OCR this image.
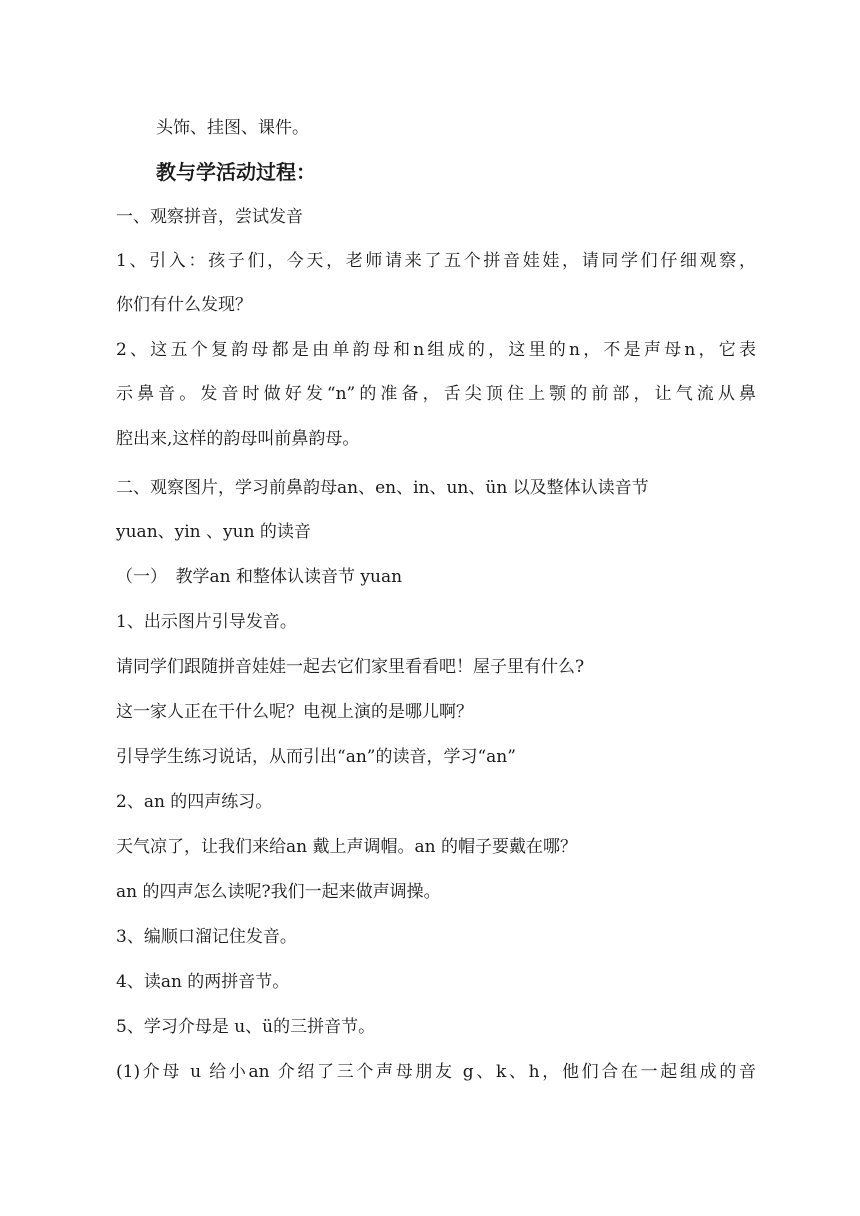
头饰、挂图、课件。
教与学活动过程：
一、观察拼音，尝试发音
1、引入：孩子们，今天，老师请来了五个拼音娃娃，请同学们仔细观察，
你们有什么发现？
2、这五个复韵母都是由单韵母和n组成的，这里的n，不是声母n，它表
示鼻音。发音时做好发“n”的准备，舌尖顶住上颚的前部，让气流从鼻
腔出来,这样的韵母叫前鼻韵母。
二、观察图片，学习前鼻韵母an、en、in、un、ün 以及整体认读音节
yuan、yin 、yun 的读音
（一）　教学an 和整体认读音节 yuan
1、出示图片引导发音。
请同学们跟随拼音娃娃一起去它们家里看看吧！屋子里有什么?
这一家人正在干什么呢？电视上演的是哪儿啊？
引导学生练习说话，从而引出“an”的读音，学习“an”
2、an 的四声练习。
天气凉了，让我们来给an 戴上声调帽。an 的帽子要戴在哪？
an 的四声怎么读呢?我们一起来做声调操。
3、编顺口溜记住发音。
4、读an 的两拼音节。
5、学习介母是 u、ü的三拼音节。
(1)介母 u 给小an 介绍了三个声母朋友 g、k、h，他们合在一起组成的音
